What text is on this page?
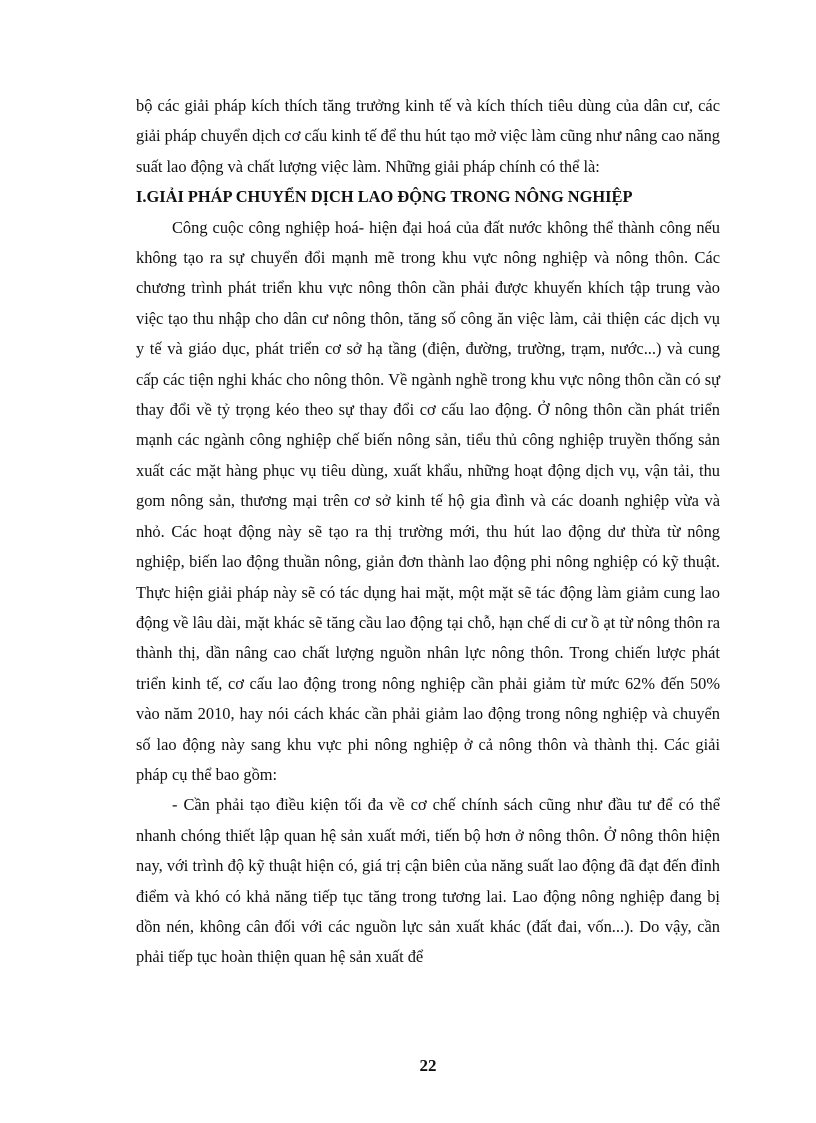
bộ các giải pháp kích thích tăng trưởng kinh tế và kích thích tiêu dùng của dân cư, các giải pháp chuyển dịch cơ cấu kinh tế để thu hút tạo mở việc làm cũng như nâng cao năng suất lao động và chất lượng việc làm. Những giải pháp chính có thể là:

I.GIẢI PHÁP CHUYỂN DỊCH LAO ĐỘNG TRONG NÔNG NGHIỆP

Công cuộc công nghiệp hoá- hiện đại hoá của đất nước không thể thành công nếu không tạo ra sự chuyển đổi mạnh mẽ trong khu vực nông nghiệp và nông thôn. Các chương trình phát triển khu vực nông thôn cần phải được khuyến khích tập trung vào việc tạo thu nhập cho dân cư nông thôn, tăng số công ăn việc làm, cải thiện các dịch vụ y tế và giáo dục, phát triển cơ sở hạ tầng (điện, đường, trường, trạm, nước...) và cung cấp các tiện nghi khác cho nông thôn. Về ngành nghề trong khu vực nông thôn cần có sự thay đổi về tỷ trọng kéo theo sự thay đổi cơ cấu lao động. Ở nông thôn cần phát triển mạnh các ngành công nghiệp chế biến nông sản, tiểu thủ công nghiệp truyền thống sản xuất các mặt hàng phục vụ tiêu dùng, xuất khẩu, những hoạt động dịch vụ, vận tải, thu gom nông sản, thương mại trên cơ sở kinh tế hộ gia đình và các doanh nghiệp vừa và nhỏ. Các hoạt động này sẽ tạo ra thị trường mới, thu hút lao động dư thừa từ nông nghiệp, biến lao động thuần nông, giản đơn thành lao động phi nông nghiệp có kỹ thuật. Thực hiện giải pháp này sẽ có tác dụng hai mặt, một mặt sẽ tác động làm giảm cung lao động về lâu dài, mặt khác sẽ tăng cầu lao động tại chỗ, hạn chế di cư ồ ạt từ nông thôn ra thành thị, dần nâng cao chất lượng nguồn nhân lực nông thôn. Trong chiến lược phát triển kinh tế, cơ cấu lao động trong nông nghiệp cần phải giảm từ mức 62% đến 50% vào năm 2010, hay nói cách khác cần phải giảm lao động trong nông nghiệp và chuyển số lao động này sang khu vực phi nông nghiệp ở cả nông thôn và thành thị. Các giải pháp cụ thể bao gồm:

- Cần phải tạo điều kiện tối đa về cơ chế chính sách cũng như đầu tư để có thể nhanh chóng thiết lập quan hệ sản xuất mới, tiến bộ hơn ở nông thôn. Ở nông thôn hiện nay, với trình độ kỹ thuật hiện có, giá trị cận biên của năng suất lao động đã đạt đến đỉnh điểm và khó có khả năng tiếp tục tăng trong tương lai. Lao động nông nghiệp đang bị dồn nén, không cân đối với các nguồn lực sản xuất khác (đất đai, vốn...). Do vậy, cần phải tiếp tục hoàn thiện quan hệ sản xuất để

22
